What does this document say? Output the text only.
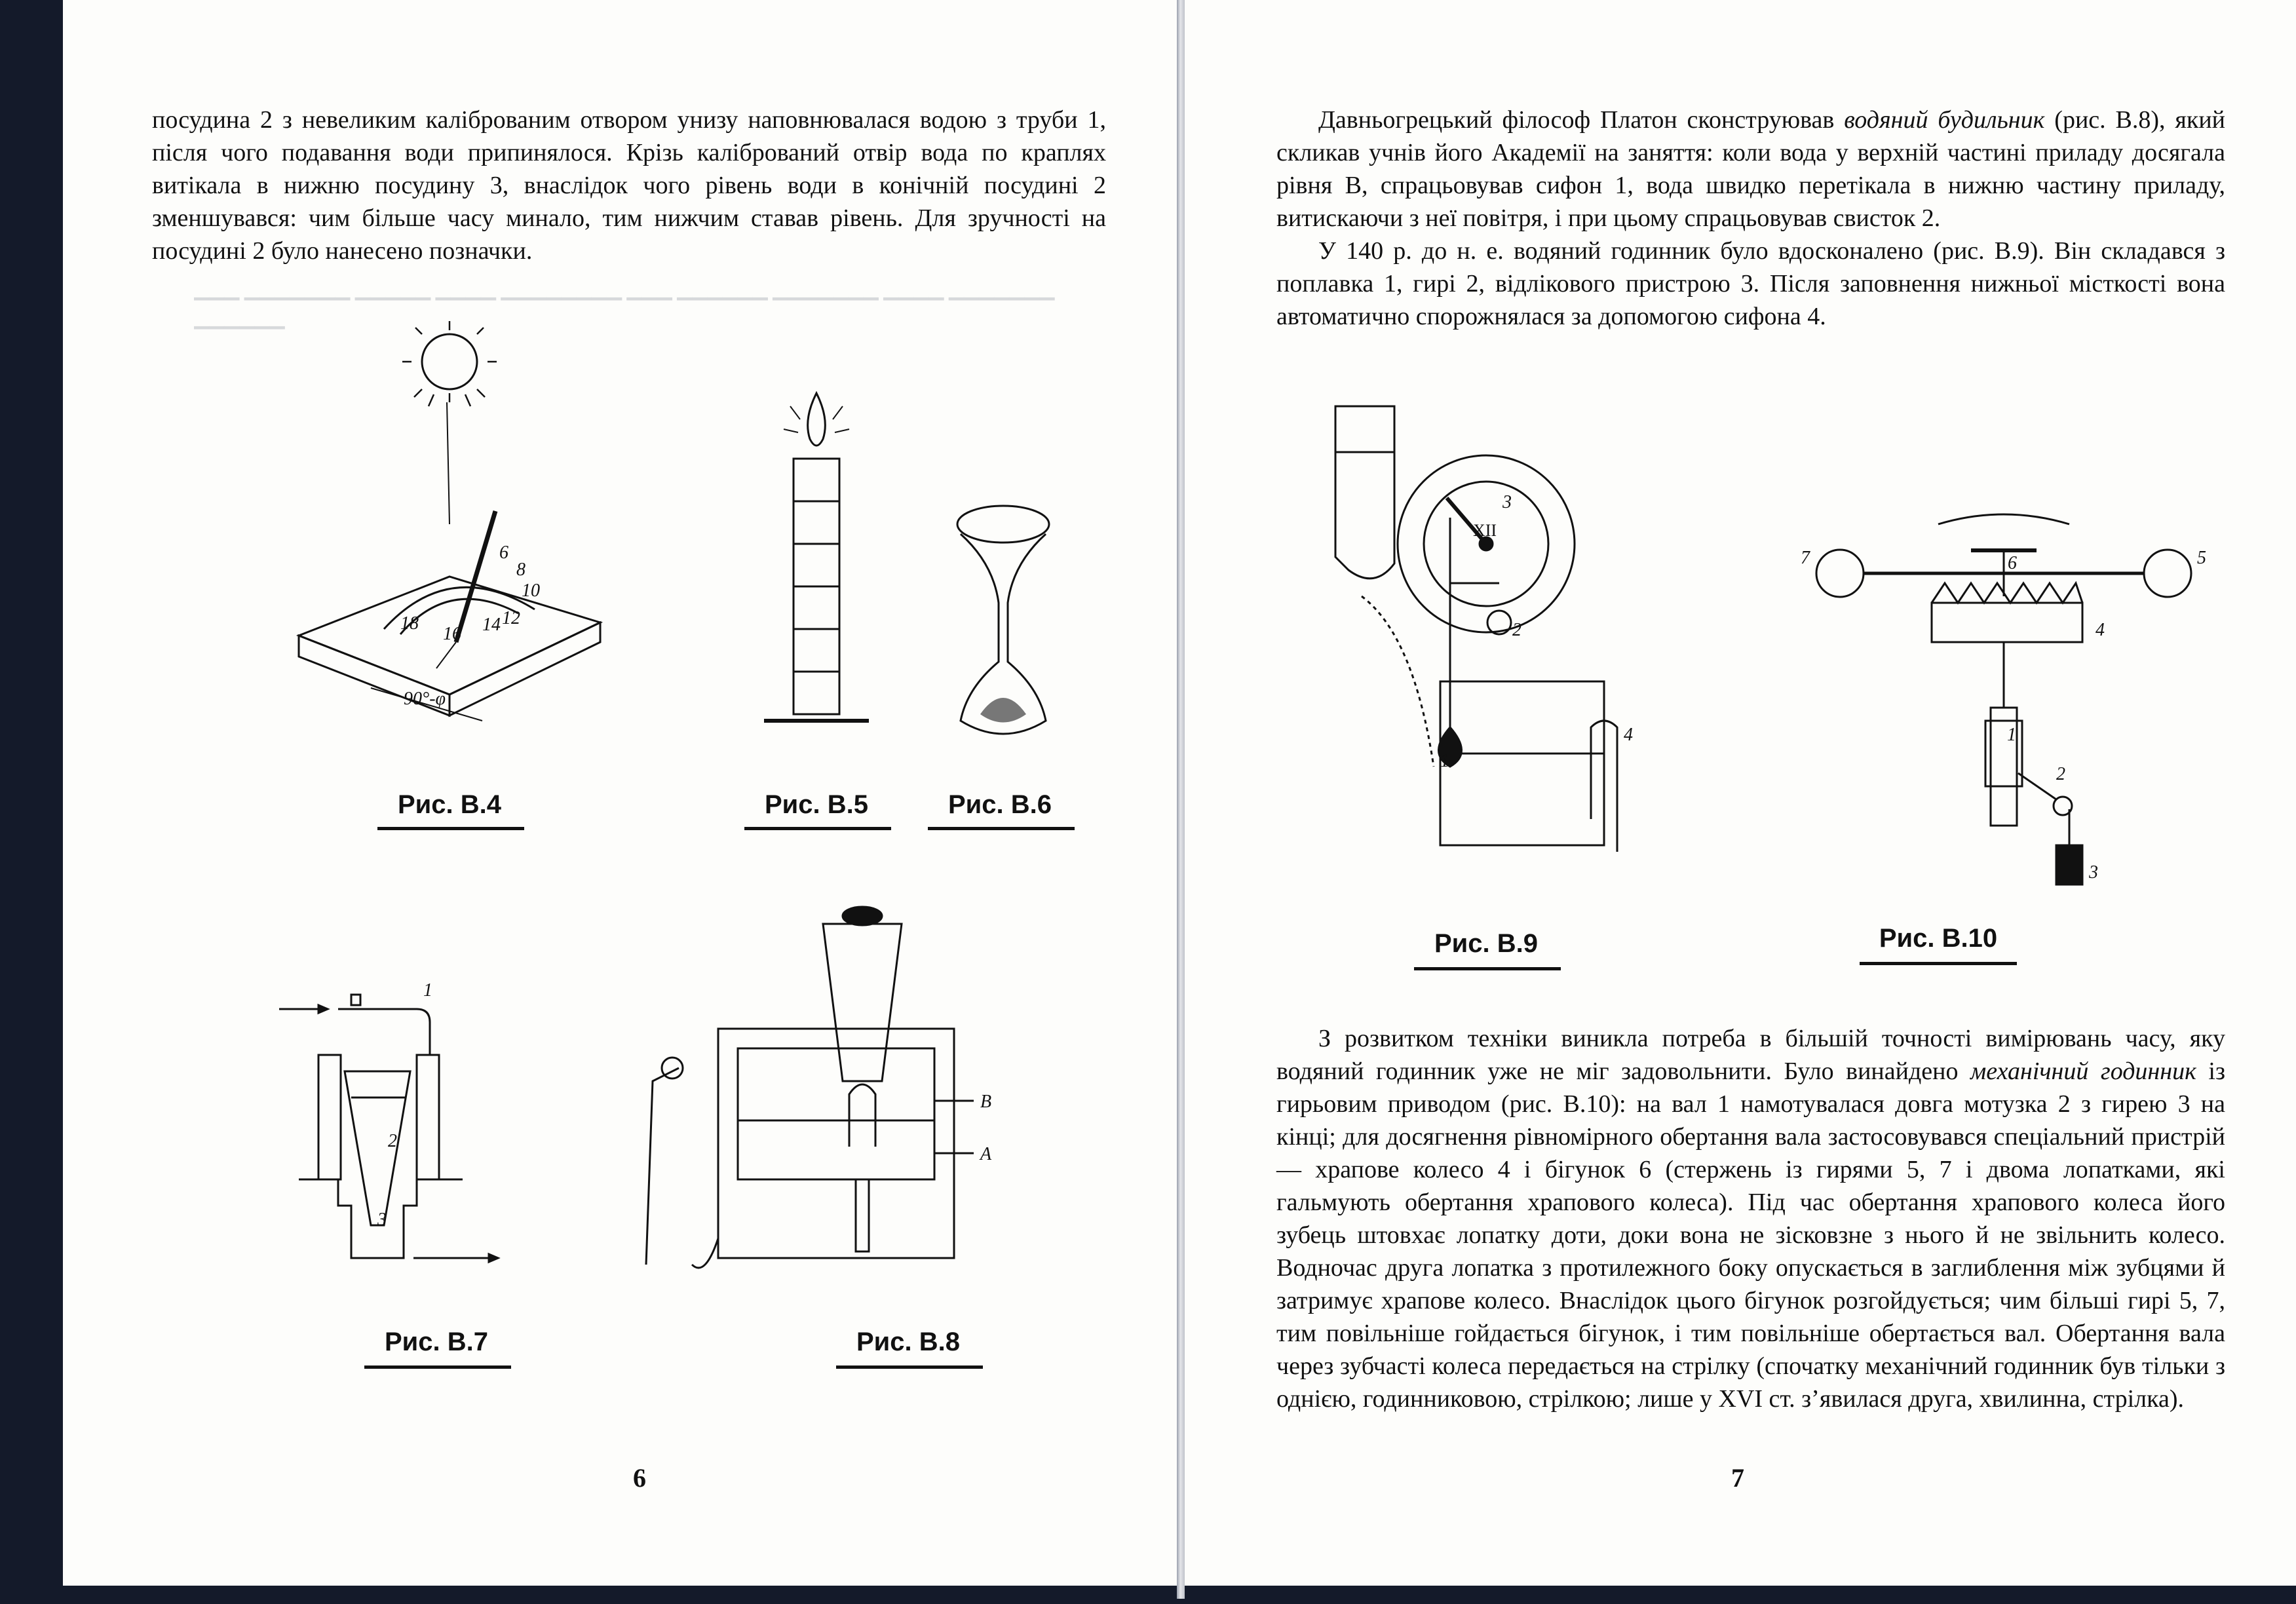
▁▁▁ ▁▁▁▁▁▁▁ ▁▁▁▁▁ ▁▁▁▁ ▁▁▁▁▁▁▁▁ ▁▁▁ ▁▁▁▁▁▁ ▁▁▁▁▁▁▁ ▁▁▁▁ ▁▁▁▁▁▁▁ ▁▁▁▁▁▁

посудина 2 з невеликим каліброваним отвором унизу наповнювалася водою з труби 1, після чого подавання води припинялося. Крізь калібрований отвір вода по краплях витікала в нижню посудину 3, внаслідок чого рівень води в конічній посудині 2 зменшувався: чим більше часу минало, тим нижчим ставав рівень. Для зручності на посудині 2 було нанесено позначки.

12
14
16
18
10
8
6
90°-φ
Рис. В.4	Рис. В.5	Рис. В.6
1
2
3
Рис. В.7
В
А
Рис. В.8
6

Давньогрецький філософ Платон сконструював водяний будильник (рис. В.8), який скликав учнів його Академії на заняття: коли вода у верхній частині приладу досягала рівня В, спрацьовував сифон 1, вода швидко перетікала в нижню частину приладу, витискаючи з неї повітря, і при цьому спрацьовував свисток 2.

У 140 р. до н. е. водяний годинник було вдосконалено (рис. В.9). Він складався з поплавка 1, гирі 2, відлікового пристрою 3. Після заповнення нижньої місткості вона автоматично спорожнялася за допомогою сифона 4.

XII
1
2
3
4
Рис. В.9
2
3
4
5
6
7
1
Рис. В.10

З розвитком техніки виникла потреба в більшій точності вимірювань часу, яку водяний годинник уже не міг задовольнити. Було винайдено механічний годинник із гирьовим приводом (рис. В.10): на вал 1 намотувалася довга мотузка 2 з гирею 3 на кінці; для досягнення рівномірного обертання вала застосовувався спеціальний пристрій — храпове колесо 4 і бігунок 6 (стержень із гирями 5, 7 і двома лопатками, які гальмують обертання храпового колеса). Під час обертання храпового колеса його зубець штовхає лопатку доти, доки вона не зісковзне з нього й не звільнить колесо. Водночас друга лопатка з протилежного боку опускається в заглиблення між зубцями й затримує храпове колесо. Внаслідок цього бігунок розгойдується; чим більші гирі 5, 7, тим повільніше гойдається бігунок, і тим повільніше обертається вал. Обертання вала через зубчасті колеса передається на стрілку (спочатку механічний годинник був тільки з однією, годинниковою, стрілкою; лише у XVI ст. з’явилася друга, хвилинна, стрілка).

7
